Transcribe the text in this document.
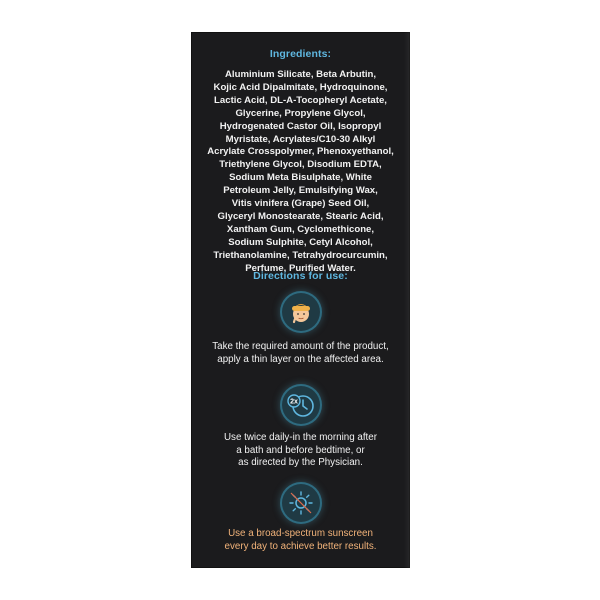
Ingredients:
Aluminium Silicate, Beta Arbutin,
Kojic Acid Dipalmitate, Hydroquinone,
Lactic Acid, DL-A-Tocopheryl Acetate,
Glycerine, Propylene Glycol,
Hydrogenated Castor Oil, Isopropyl
Myristate, Acrylates/C10-30 Alkyl
Acrylate Crosspolymer, Phenoxyethanol,
Triethylene Glycol, Disodium EDTA,
Sodium Meta Bisulphate, White
Petroleum Jelly, Emulsifying Wax,
Vitis vinifera (Grape) Seed Oil,
Glyceryl Monostearate, Stearic Acid,
Xantham Gum, Cyclomethicone,
Sodium Sulphite, Cetyl Alcohol,
Triethanolamine, Tetrahydrocurcumin,
Perfume, Purified Water.
Directions for use:
Take the required amount of the product,
apply a thin layer on the affected area.
2x
Use twice daily-in the morning after
a bath and before bedtime, or
as directed by the Physician.
Use a broad-spectrum sunscreen
every day to achieve better results.
